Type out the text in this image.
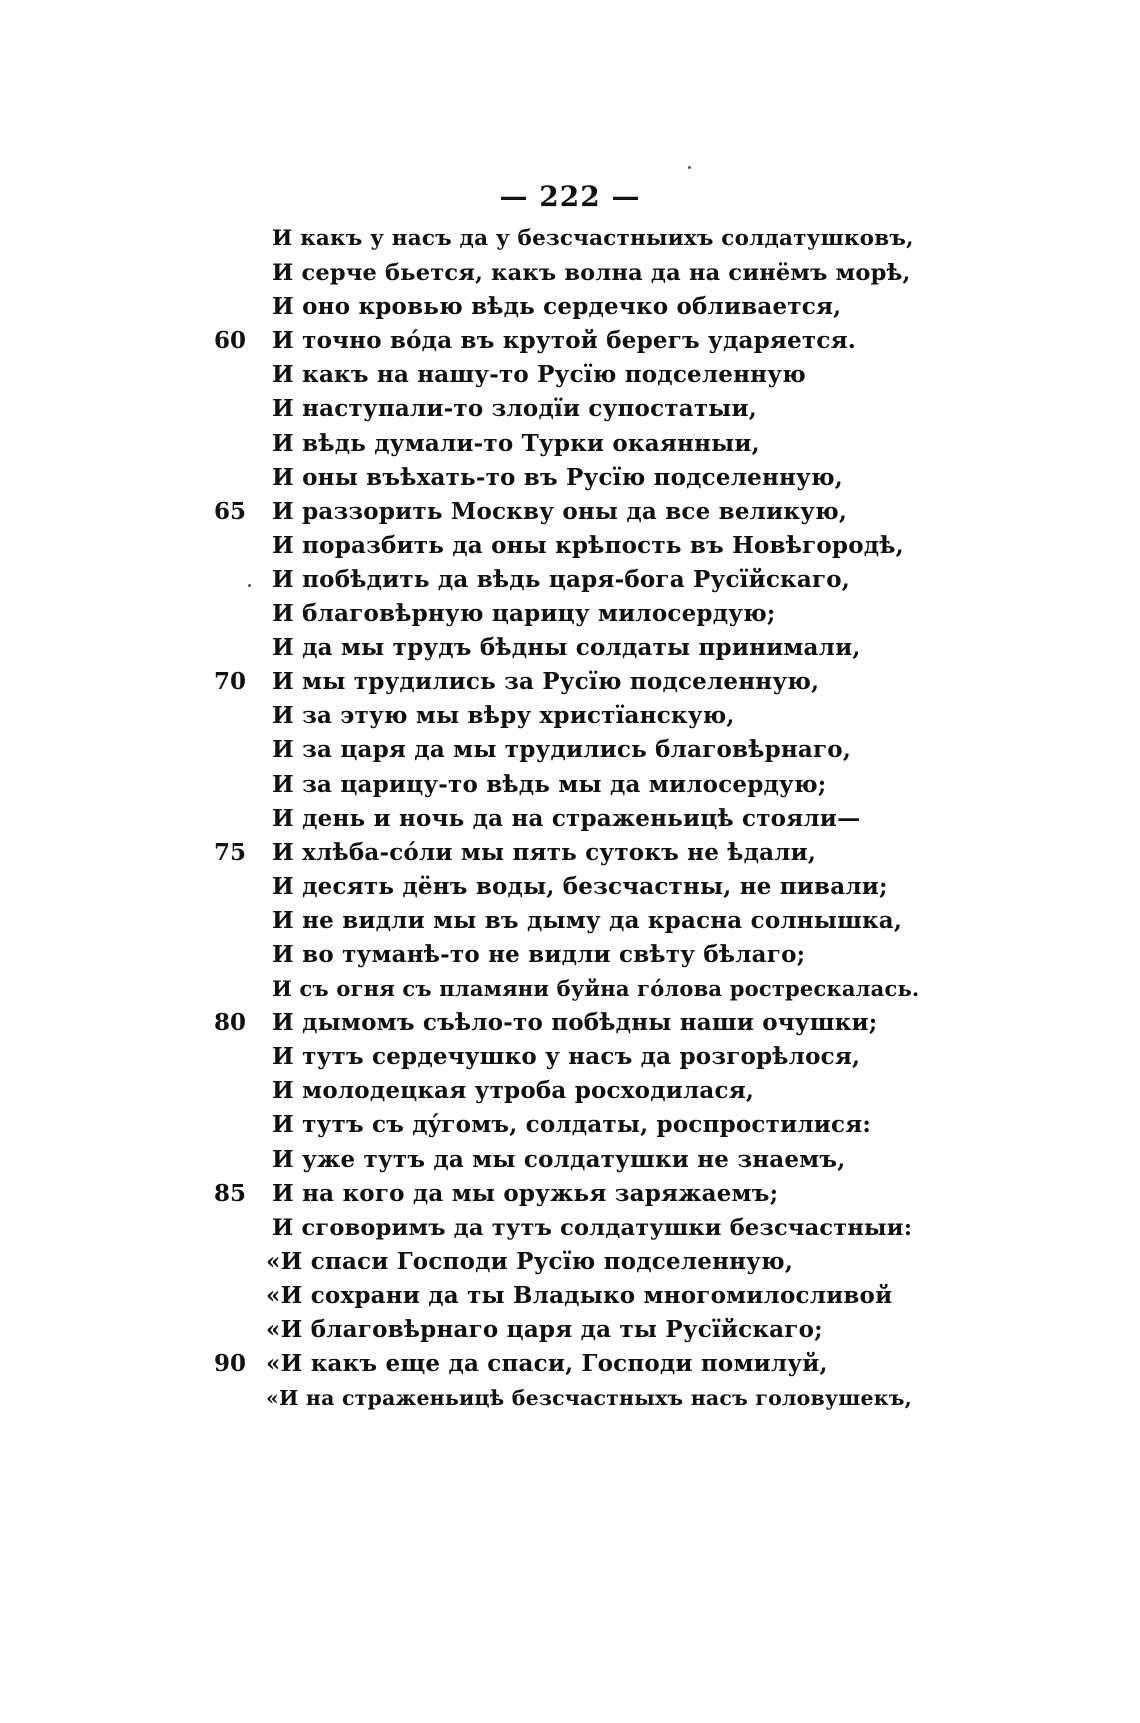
— 222 —
И какъ у насъ да у безсчастныихъ солдатушковъ,
И серче бьется, какъ волна да на синёмъ морѣ,
И оно кровью вѣдь сердечко обливается,
60	И точно вóда въ крутой берегъ ударяется.
И какъ на нашу-то Русїю подселенную
И наступали-то злодїи супостатыи,
И вѣдь думали-то Турки окаянныи,
И оны въѣхать-то въ Русїю подселенную,
65	И раззорить Москву оны да все великую,
И поразбить да оны крѣпость въ Новѣгородѣ,
И побѣдить да вѣдь царя-бога Русїйскаго,
И благовѣрную царицу милосердую;
И да мы трудъ бѣдны солдаты принимали,
70	И мы трудились за Русїю подселенную,
И за этую мы вѣру христїанскую,
И за царя да мы трудились благовѣрнаго,
И за царицу-то вѣдь мы да милосердую;
И день и ночь да на страженьицѣ стояли—
75	И хлѣба-сóли мы пять сутокъ не ѣдали,
И десять дёнъ воды, безсчастны, не пивали;
И не видли мы въ дыму да красна солнышка,
И во туманѣ-то не видли свѣту бѣлаго;
И съ огня съ пламяни буйна гóлова рострескалась.
80	И дымомъ съѣло-то побѣдны наши очушки;
И тутъ сердечушко у насъ да розгорѣлося,
И молодецкая утроба росходилася,
И тутъ съ дýгомъ, солдаты, роспростилися:
И уже тутъ да мы солдатушки не знаемъ,
85	И на кого да мы оружья заряжаемъ;
И сговоримъ да тутъ солдатушки безсчастныи:
«И спаси Господи Русїю подселенную,
«И сохрани да ты Владыко многомилосливой
«И благовѣрнаго царя да ты Русїйскаго;
90 «И какъ еще да спаси, Господи помилуй,
«И на страженьицѣ безсчастныхъ насъ головушекъ,
